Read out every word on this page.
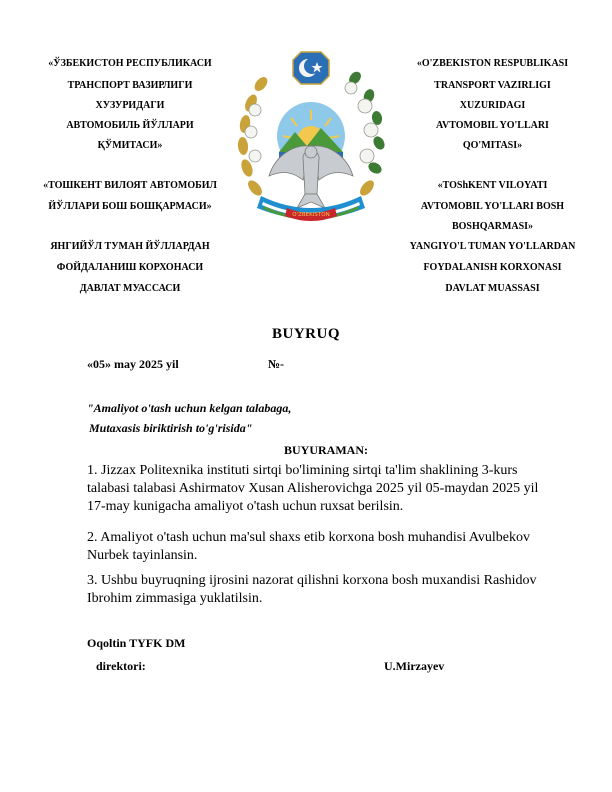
«ЎЗБЕКИСТОН РЕСПУБЛИКАСИ
ТРАНСПОРТ ВАЗИРЛИГИ
ХУЗУРИДАГИ
АВТОМОБИЛЬ ЙЎЛЛАРИ
ҚЎМИТАСИ»
«ТОШКЕНТ ВИЛОЯТ АВТОМОБИЛ
ЙЎЛЛАРИ БОШ БОШҚАРМАСИ»
ЯНГИЙЎЛ ТУМАН ЙЎЛЛАРДАН
ФОЙДАЛАНИШ КОРХОНАСИ
ДАВЛАТ МУАССАСИ
«O'ZBEKISTON RESPUBLIKASI
TRANSPORT VAZIRLIGI
XUZURIDAGI
AVTOMOBIL YO'LLARI
QO'MITASI»
«TOShKENT VILOYATI
AVTOMOBIL YO'LLARI BOSH
BOSHQARMASI»
YANGIYO'L TUMAN YO'LLARDAN
FOYDALANISH KORXONASI
DAVLAT MUASSASI
O'ZBEKISTON
BUYRUQ
«05» may 2025 yil	№-
"Amaliyot o'tash uchun kelgan talabaga,
Mutaxasis biriktirish to'g'risida"
BUYURAMAN:
1. Jizzax Politexnika instituti sirtqi bo'limining sirtqi ta'lim shaklining 3-kurs talabasi talabasi Ashirmatov Xusan Alisherovichga 2025 yil 05-maydan 2025 yil 17-may kunigacha amaliyot o'tash uchun ruxsat berilsin.
2. Amaliyot o'tash uchun ma'sul shaxs etib korxona bosh muhandisi Avulbekov Nurbek tayinlansin.
3. Ushbu buyruqning ijrosini nazorat qilishni korxona bosh muxandisi Rashidov Ibrohim zimmasiga yuklatilsin.
Oqoltin TYFK DM
direktori:	U.Mirzayev
